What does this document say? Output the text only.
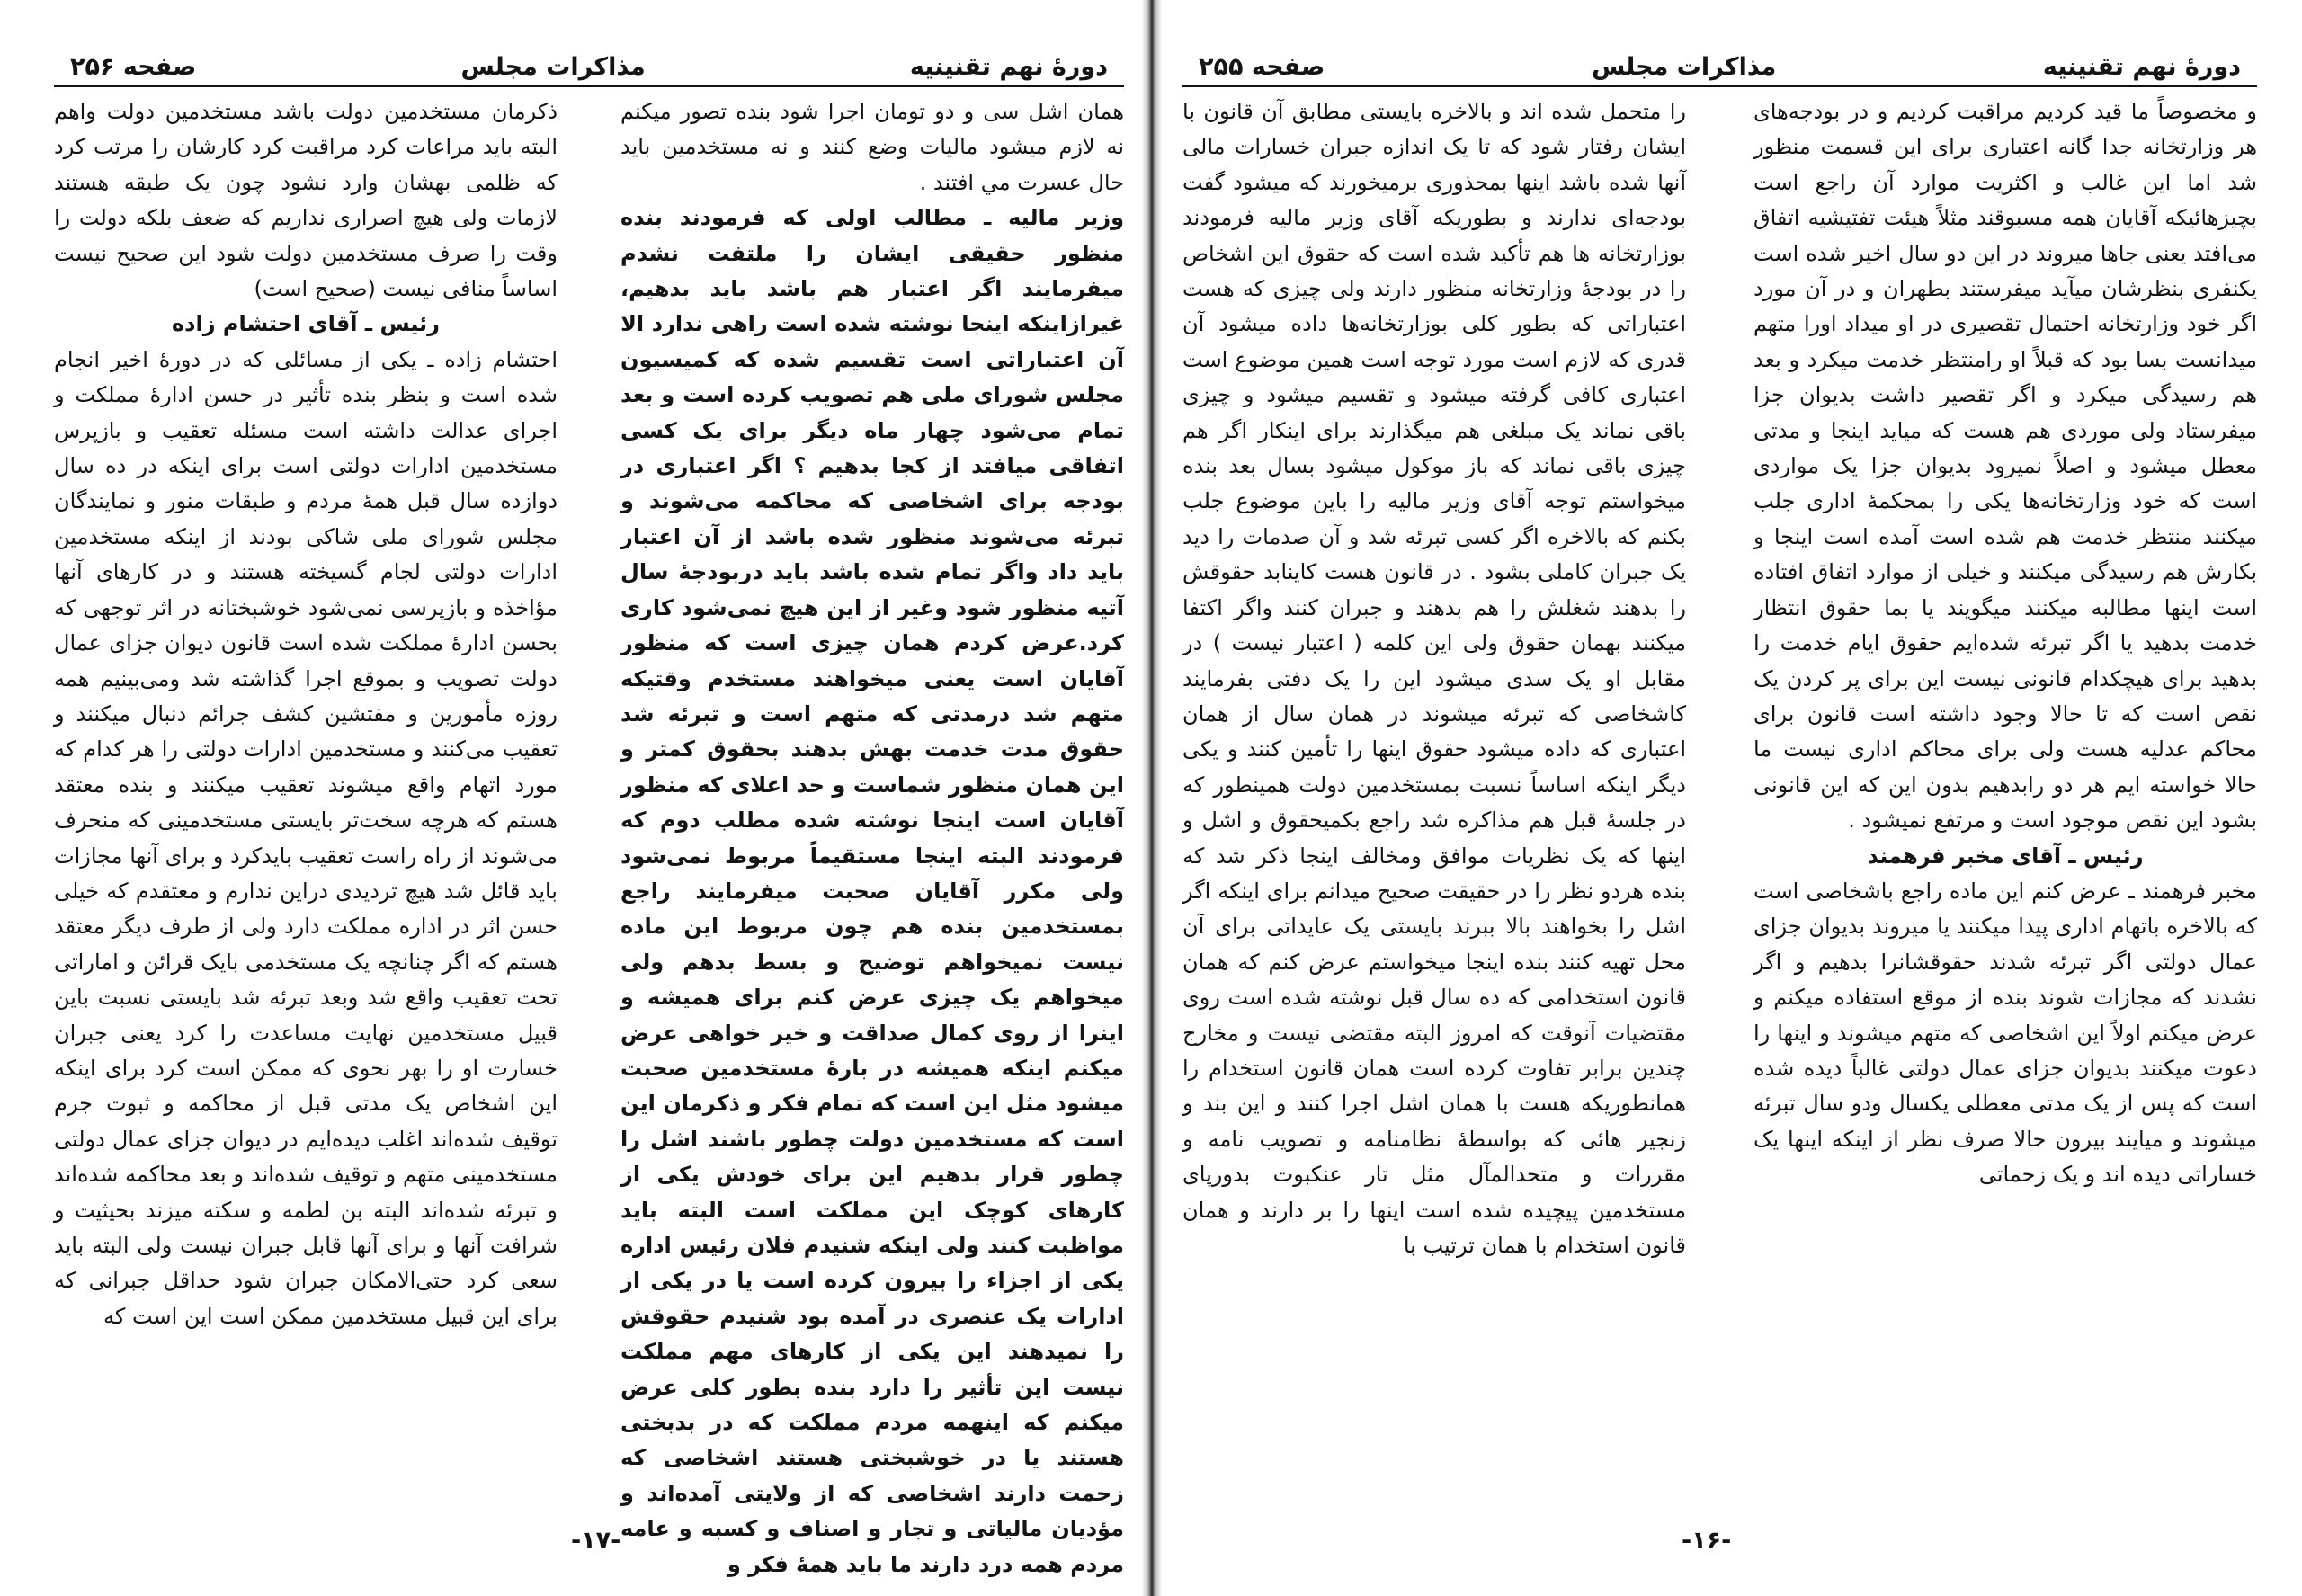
دورهٔ نهم تقنینیه
مذاکرات مجلس
صفحه ۲۵۶

همان اشل سی و دو تومان اجرا شود بنده تصور میکنم نه لازم میشود ماليات وضع كنند و نه مستخدمين بايد حال عسرت مي افتند .

وزير ماليه ـ مطالب اولی که فرمودند بنده منظور حقیقی ایشان را ملتفت نشدم میفرمایند اگر اعتبار هم باشد باید بدهیم، غیرازاینکه اینجا نوشته شده است راهی ندارد الا آن اعتباراتی است تقسیم شده که کمیسیون مجلس شورای ملی هم تصویب کرده است و بعد تمام می‌شود چهار ماه دیگر برای یک کسی اتفاقی میافتد از کجا بدهیم ؟ اگر اعتباری در بودجه برای اشخاصی که محاکمه می‌شوند و تبرئه می‌شوند منظور شده باشد از آن اعتبار باید داد واگر تمام شده باشد باید دربودجهٔ سال آتیه منظور شود وغیر از این هیچ نمی‌شود کاری کرد.عرض کردم همان چیزی است که منظور آقایان است یعنی میخواهند مستخدم وقتیکه متهم شد درمدتی که متهم است و تبرئه شد حقوق مدت خدمت بهش بدهند بحقوق کمتر و این همان منظور شماست و حد اعلای که منظور آقایان است اینجا نوشته شده مطلب دوم که فرمودند البته اینجا مستقیماً مربوط نمی‌شود ولی مکرر آقایان صحبت میفرمایند راجع بمستخدمین بنده هم چون مربوط این ماده نیست نمیخواهم توضیح و بسط بدهم ولی میخواهم یک چیزی عرض کنم برای همیشه و اینرا از روی کمال صداقت و خیر خواهی عرض میکنم اینکه همیشه در بارهٔ مستخدمین صحبت میشود مثل این است که تمام فکر و ذکرمان این است که مستخدمین دولت چطور باشند اشل را چطور قرار بدهیم این برای خودش یکی از کارهای کوچک این مملکت است البته باید مواظبت کنند ولی اینکه شنیدم فلان رئیس اداره یکی از اجزاء را بیرون کرده است یا در یکی از ادارات یک عنصری در آمده بود شنیدم حقوقش را نمیدهند این یکی از کارهای مهم مملکت نیست این تأثیر را دارد بنده بطور کلی عرض میکنم که اینهمه مردم مملکت که در بدبختی هستند یا در خوشبختی هستند اشخاصی که زحمت دارند اشخاصی که از ولایتی آمده‌اند و مؤدیان مالیاتی و تجار و اصناف و کسبه و عامه مردم همه درد دارند ما باید همهٔ فکر و

ذکرمان مستخدمین دولت باشد مستخدمین دولت واهم البته باید مراعات کرد مراقبت کرد کارشان را مرتب کرد که ظلمی بهشان وارد نشود چون یک طبقه هستند لازمات ولی هیچ اصراری نداریم که ضعف بلکه دولت را وقت را صرف مستخدمین دولت شود این صحیح نیست اساساً منافی نیست (صحیح است)

رئیس ـ آقای احتشام زاده

احتشام زاده ـ یکی از مسائلی که در دورهٔ اخیر انجام شده است و بنظر بنده تأثیر در حسن ادارهٔ مملکت و اجرای عدالت داشته است مسئله تعقیب و بازپرس مستخدمین ادارات دولتی است برای اینکه در ده سال دوازده سال قبل همهٔ مردم و طبقات منور و نمایندگان مجلس شورای ملی شاکی بودند از اینکه مستخدمین ادارات دولتی لجام گسیخته هستند و در کارهای آنها مؤاخذه و بازپرسی نمی‌شود خوشبختانه در اثر توجهی که بحسن ادارهٔ مملکت شده است قانون دیوان جزای عمال دولت تصویب و بموقع اجرا گذاشته شد ومی‌بینیم همه روزه مأمورین و مفتشین کشف جرائم دنبال میکنند و تعقیب می‌کنند و مستخدمین ادارات دولتی را هر کدام که مورد اتهام واقع میشوند تعقیب میکنند و بنده معتقد هستم که هرچه سخت‌تر بایستی مستخدمینی که منحرف می‌شوند از راه راست تعقیب بایدکرد و برای آنها مجازات باید قائل شد هیچ تردیدی دراین ندارم و معتقدم که خیلی حسن اثر در اداره مملکت دارد ولی از طرف دیگر معتقد هستم که اگر چنانچه یک مستخدمی بایک قرائن و اماراتی تحت تعقیب واقع شد وبعد تبرئه شد بایستی نسبت باین قبیل مستخدمین نهایت مساعدت را کرد یعنی جبران خسارت او را بهر نحوی که ممکن است کرد برای اینکه این اشخاص یک مدتی قبل از محاکمه و ثبوت جرم توقیف شده‌اند اغلب دیده‌ایم در دیوان جزای عمال دولتی مستخدمینی متهم و توقیف شده‌اند و بعد محاکمه شده‌اند و تبرئه شده‌اند البته بن لطمه و سکته میزند بحیثیت و شرافت آنها و برای آنها قابل جبران نیست ولی البته باید سعی کرد حتی‌الامکان جبران شود حداقل جبرانی که برای این قبیل مستخدمین ممکن است این است که

-۱۷-
دورهٔ نهم تقنینیه
مذاکرات مجلس
صفحه ۲۵۵

و مخصوصاً ما قید کردیم مراقبت کردیم و در بودجه‌های هر وزارتخانه جدا گانه اعتباری برای این قسمت منظور شد اما این غالب و اکثریت موارد آن راجع است بچیزهائیکه آقایان همه مسبوقند مثلاً هیئت تفتیشیه اتفاق می‌افتد یعنی جاها میروند در این دو سال اخیر شده است یکنفری بنظرشان میآید میفرستند بطهران و در آن مورد اگر خود وزارتخانه احتمال تقصیری در او میداد اورا متهم میدانست بسا بود که قبلاً او رامنتظر خدمت میکرد و بعد هم رسیدگی میکرد و اگر تقصیر داشت بدیوان جزا میفرستاد ولی مورد‌ی هم هست که میاید اینجا و مدتی معطل میشود و اصلاً نمیرود بدیوان جزا یک مواردی است که خود وزارتخانه‌ها یکی را بمحکمهٔ اداری جلب میکنند منتظر خدمت هم شده است آمده است اینجا و بکارش هم رسیدگی میکنند و خیلی از موارد اتفاق افتاده است اینها مطالبه میکنند میگویند یا بما حقوق انتظار خدمت بدهید یا اگر تبرئه شده‌ایم حقوق ایام خدمت را بدهید برای هیچکدام قانونی نیست این برای پر کردن یک نقص است که تا حالا وجود داشته است قانون برای محاکم عدلیه هست ولی برای محاکم اداری نیست ما حالا خواسته ایم هر دو رابدهیم بدون این که این قانونی بشود این نقص موجود است و مرتفع نمیشود .

رئیس ـ آقای مخبر فرهمند

مخبر فرهمند ـ عرض کنم این ماده راجع باشخاصی است که بالاخره باتهام اداری پیدا میکنند یا میروند بدیوان جزای عمال دولتی اگر تبرئه شدند حقوقشانرا بدهیم و اگر نشدند که مجازات شوند بنده از موقع استفاده میکنم و عرض میکنم اولاً این اشخاصی که متهم میشوند و اینها را دعوت میکنند بدیوان جزای عمال دولتی غالباً دیده شده است که پس از یک مدتی معطلی یکسال ودو سال تبرئه میشوند و میایند بیرون حالا صرف نظر از اینکه اینها یک خساراتی دیده اند و یک زحماتی

را متحمل شده اند و بالاخره بایستی مطابق آن قانون با ایشان رفتار شود که تا یک اندازه جبران خسارات مالی آنها شده باشد اینها بمحذوری برمیخورند که میشود گفت بودجه‌ای ندارند و بطوریکه آقای وزیر مالیه فرمودند بوزارتخانه ها هم تأکید شده است که حقوق این اشخاص را در بودجهٔ وزارتخانه منظور دارند ولی چیزی که هست اعتباراتی که بطور کلی بوزارتخانه‌ها داده میشود آن قدری که لازم است مورد توجه است همین موضوع است اعتباری کافی گرفته میشود و تقسیم میشود و چیزی باقی نماند یک مبلغی هم میگذارند برای اینکار اگر هم چیزی باقی نماند که باز موکول میشود بسال بعد بنده میخواستم توجه آقای وزیر مالیه را باین موضوع جلب بکنم که بالاخره اگر کسی تبرئه شد و آن صدمات را دید یک جبران کاملی بشود . در قانون هست کاینابد حقوقش را بدهند شغلش را هم بدهند و جبران کنند واگر اکتفا میکنند بهمان حقوق ولی این کلمه ( اعتبار نیست ) در مقابل او یک سدی میشود این را یک دفتی بفرمایند کاشخاصی که تبرئه میشوند در همان سال از همان اعتباری که داده میشود حقوق اینها را تأمین کنند و یکی دیگر اینکه اساساً نسبت بمستخدمین دولت همینطور که در جلسهٔ قبل هم مذاکره شد راجع بکمیحقوق و اشل و اینها که یک نظریات موافق ومخالف اینجا ذکر شد که بنده هردو نظر را در حقیقت صحیح میدانم برای اینکه اگر اشل را بخواهند بالا ببرند بایستی یک عایداتی برای آن محل تهیه کنند بنده اینجا میخواستم عرض کنم که همان قانون استخدامی که ده سال قبل نوشته شده است روی مقتضیات آنوقت که امروز البته مقتضی نیست و مخارج چندین برابر تفاوت کرده است همان قانون استخدام را همانطوریکه هست با همان اشل اجرا کنند و این بند و زنجیر هائی که بواسطهٔ نظامنامه و تصویب نامه و مقررات و متحدالمآل مثل تار عنکبوت بدورپای مستخدمین پیچیده شده است اینها را بر دارند و همان قانون استخدام با همان ترتیب با

-۱۶-
